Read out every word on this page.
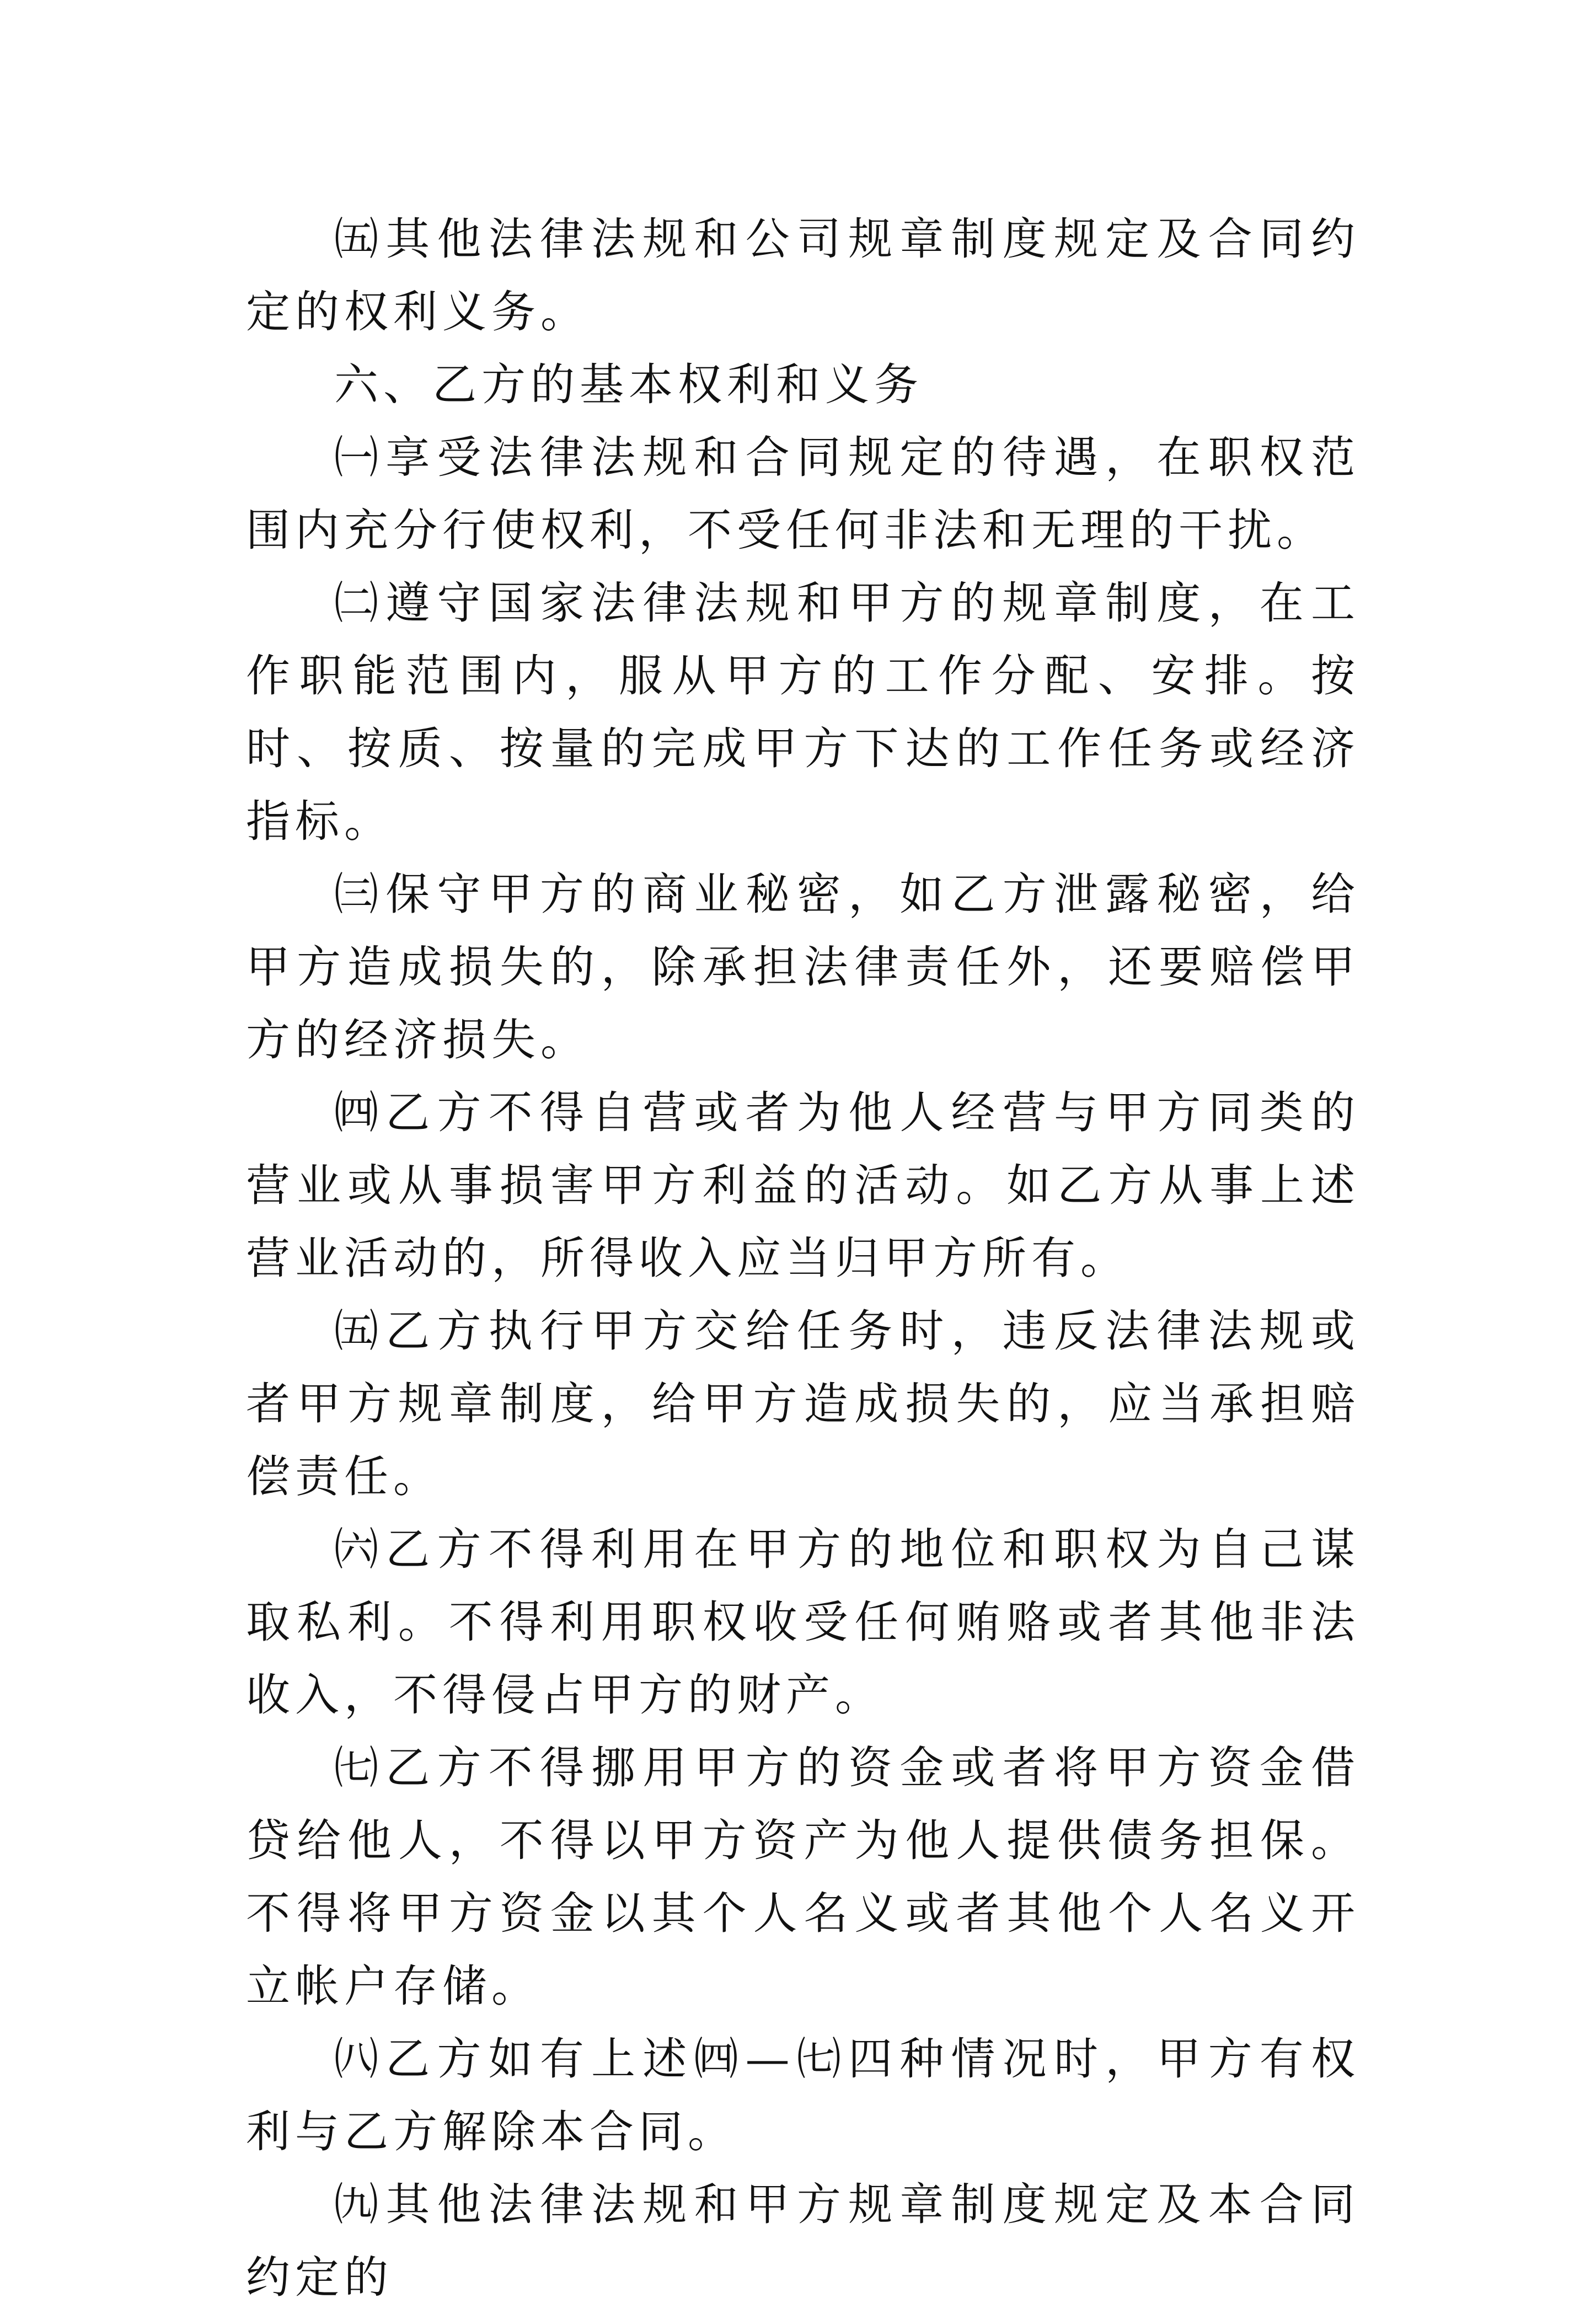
㈤其他法律法规和公司规章制度规定及合同约定的权利义务。

六、乙方的基本权利和义务

㈠享受法律法规和合同规定的待遇，在职权范围内充分行使权利，不受任何非法和无理的干扰。

㈡遵守国家法律法规和甲方的规章制度，在工作职能范围内，服从甲方的工作分配、安排。按时、按质、按量的完成甲方下达的工作任务或经济指标。

㈢保守甲方的商业秘密，如乙方泄露秘密，给甲方造成损失的，除承担法律责任外，还要赔偿甲方的经济损失。

㈣乙方不得自营或者为他人经营与甲方同类的营业或从事损害甲方利益的活动。如乙方从事上述营业活动的，所得收入应当归甲方所有。

㈤乙方执行甲方交给任务时，违反法律法规或者甲方规章制度，给甲方造成损失的，应当承担赔偿责任。

㈥乙方不得利用在甲方的地位和职权为自己谋取私利。不得利用职权收受任何贿赂或者其他非法收入，不得侵占甲方的财产。

㈦乙方不得挪用甲方的资金或者将甲方资金借贷给他人，不得以甲方资产为他人提供债务担保。不得将甲方资金以其个人名义或者其他个人名义开立帐户存储。

㈧乙方如有上述㈣—㈦四种情况时，甲方有权利与乙方解除本合同。

㈨其他法律法规和甲方规章制度规定及本合同约定的
